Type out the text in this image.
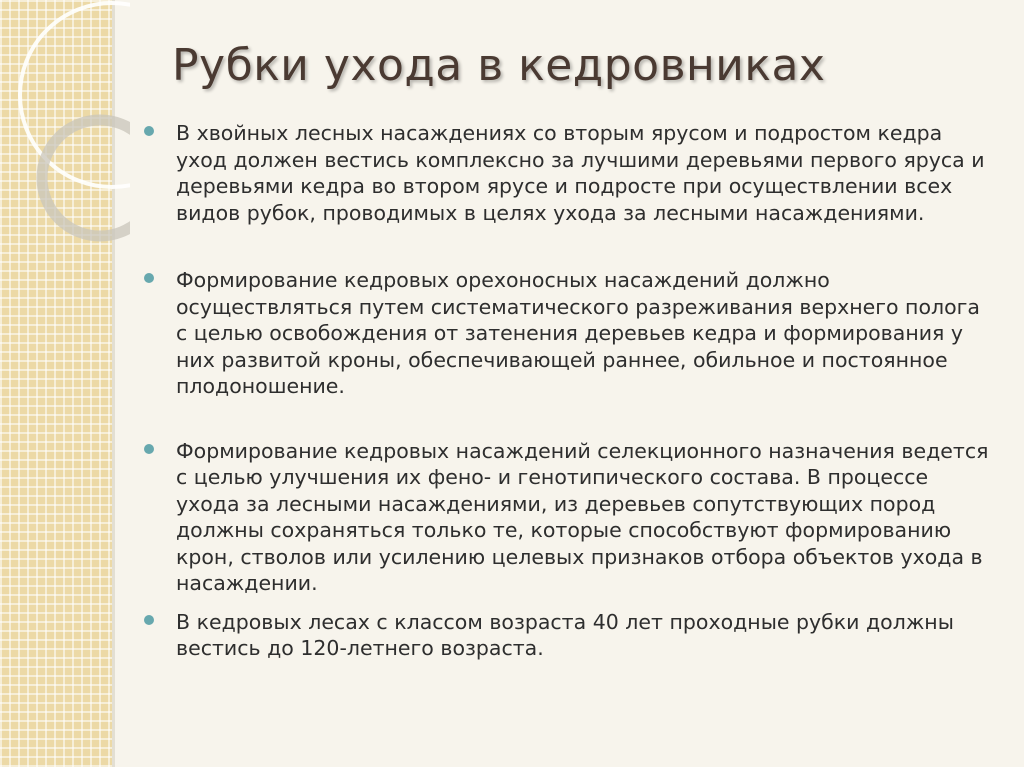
Рубки ухода в кедровниках
В хвойных лесных насаждениях со вторым ярусом и подростом кедра уход должен вестись комплексно за лучшими деревьями первого яруса и деревьями кедра во втором ярусе и подросте при осуществлении всех видов рубок, проводимых в целях ухода за лесными насаждениями.
Формирование кедровых орехоносных насаждений должно осуществляться путем систематического разреживания верхнего полога с целью освобождения от затенения деревьев кедра и формирования у них развитой кроны, обеспечивающей раннее, обильное и постоянное плодоношение.
Формирование кедровых насаждений селекционного назначения ведется с целью улучшения их фено- и генотипического состава. В процессе ухода за лесными насаждениями, из деревьев сопутствующих пород должны сохраняться только те, которые способствуют формированию крон, стволов или усилению целевых признаков отбора объектов ухода в насаждении.
В кедровых лесах с классом возраста 40 лет проходные рубки должны вестись до 120-летнего возраста.
